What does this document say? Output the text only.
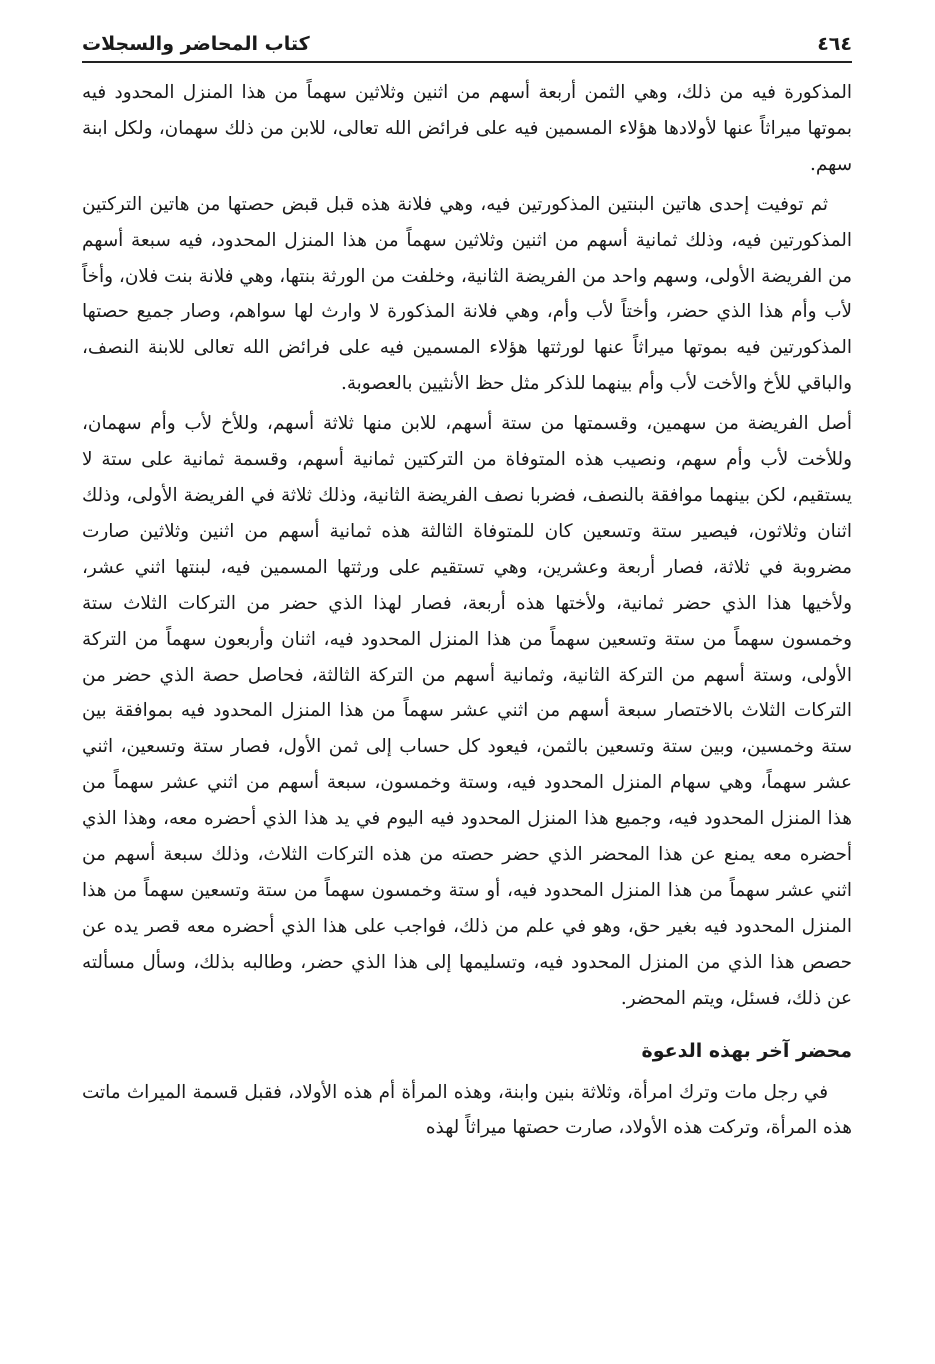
٤٦٤
كتاب المحاضر والسجلات

المذكورة فيه من ذلك، وهي الثمن أربعة أسهم من اثنين وثلاثين سهماً من هذا المنزل المحدود فيه بموتها ميراثاً عنها لأولادها هؤلاء المسمين فيه على فرائض الله تعالى، للابن من ذلك سهمان، ولكل ابنة سهم.

ثم توفيت إحدى هاتين البنتين المذكورتين فيه، وهي فلانة هذه قبل قبض حصتها من هاتين التركتين المذكورتين فيه، وذلك ثمانية أسهم من اثنين وثلاثين سهماً من هذا المنزل المحدود، فيه سبعة أسهم من الفريضة الأولى، وسهم واحد من الفريضة الثانية، وخلفت من الورثة بنتها، وهي فلانة بنت فلان، وأخاً لأب وأم هذا الذي حضر، وأختاً لأب وأم، وهي فلانة المذكورة لا وارث لها سواهم، وصار جميع حصتها المذكورتين فيه بموتها ميراثاً عنها لورثتها هؤلاء المسمين فيه على فرائض الله تعالى للابنة النصف، والباقي للأخ والأخت لأب وأم بينهما للذكر مثل حظ الأنثيين بالعصوبة.

أصل الفريضة من سهمين، وقسمتها من ستة أسهم، للابن منها ثلاثة أسهم، وللأخ لأب وأم سهمان، وللأخت لأب وأم سهم، ونصيب هذه المتوفاة من التركتين ثمانية أسهم، وقسمة ثمانية على ستة لا يستقيم، لكن بينهما موافقة بالنصف، فضربا نصف الفريضة الثانية، وذلك ثلاثة في الفريضة الأولى، وذلك اثنان وثلاثون، فيصير ستة وتسعين كان للمتوفاة الثالثة هذه ثمانية أسهم من اثنين وثلاثين صارت مضروبة في ثلاثة، فصار أربعة وعشرين، وهي تستقيم على ورثتها المسمين فيه، لبنتها اثني عشر، ولأخيها هذا الذي حضر ثمانية، ولأختها هذه أربعة، فصار لهذا الذي حضر من التركات الثلاث ستة وخمسون سهماً من ستة وتسعين سهماً من هذا المنزل المحدود فيه، اثنان وأربعون سهماً من التركة الأولى، وستة أسهم من التركة الثانية، وثمانية أسهم من التركة الثالثة، فحاصل حصة الذي حضر من التركات الثلاث بالاختصار سبعة أسهم من اثني عشر سهماً من هذا المنزل المحدود فيه بموافقة بين ستة وخمسين، وبين ستة وتسعين بالثمن، فيعود كل حساب إلى ثمن الأول، فصار ستة وتسعين، اثني عشر سهماً، وهي سهام المنزل المحدود فيه، وستة وخمسون، سبعة أسهم من اثني عشر سهماً من هذا المنزل المحدود فيه، وجميع هذا المنزل المحدود فيه اليوم في يد هذا الذي أحضره معه، وهذا الذي أحضره معه يمنع عن هذا المحضر الذي حضر حصته من هذه التركات الثلاث، وذلك سبعة أسهم من اثني عشر سهماً من هذا المنزل المحدود فيه، أو ستة وخمسون سهماً من ستة وتسعين سهماً من هذا المنزل المحدود فيه بغير حق، وهو في علم من ذلك، فواجب على هذا الذي أحضره معه قصر يده عن حصص هذا الذي من المنزل المحدود فيه، وتسليمها إلى هذا الذي حضر، وطالبه بذلك، وسأل مسألته عن ذلك، فسئل، ويتم المحضر.

محضر آخر بهذه الدعوة

في رجل مات وترك امرأة، وثلاثة بنين وابنة، وهذه المرأة أم هذه الأولاد، فقبل قسمة الميراث ماتت هذه المرأة، وتركت هذه الأولاد، صارت حصتها ميراثاً لهذه
